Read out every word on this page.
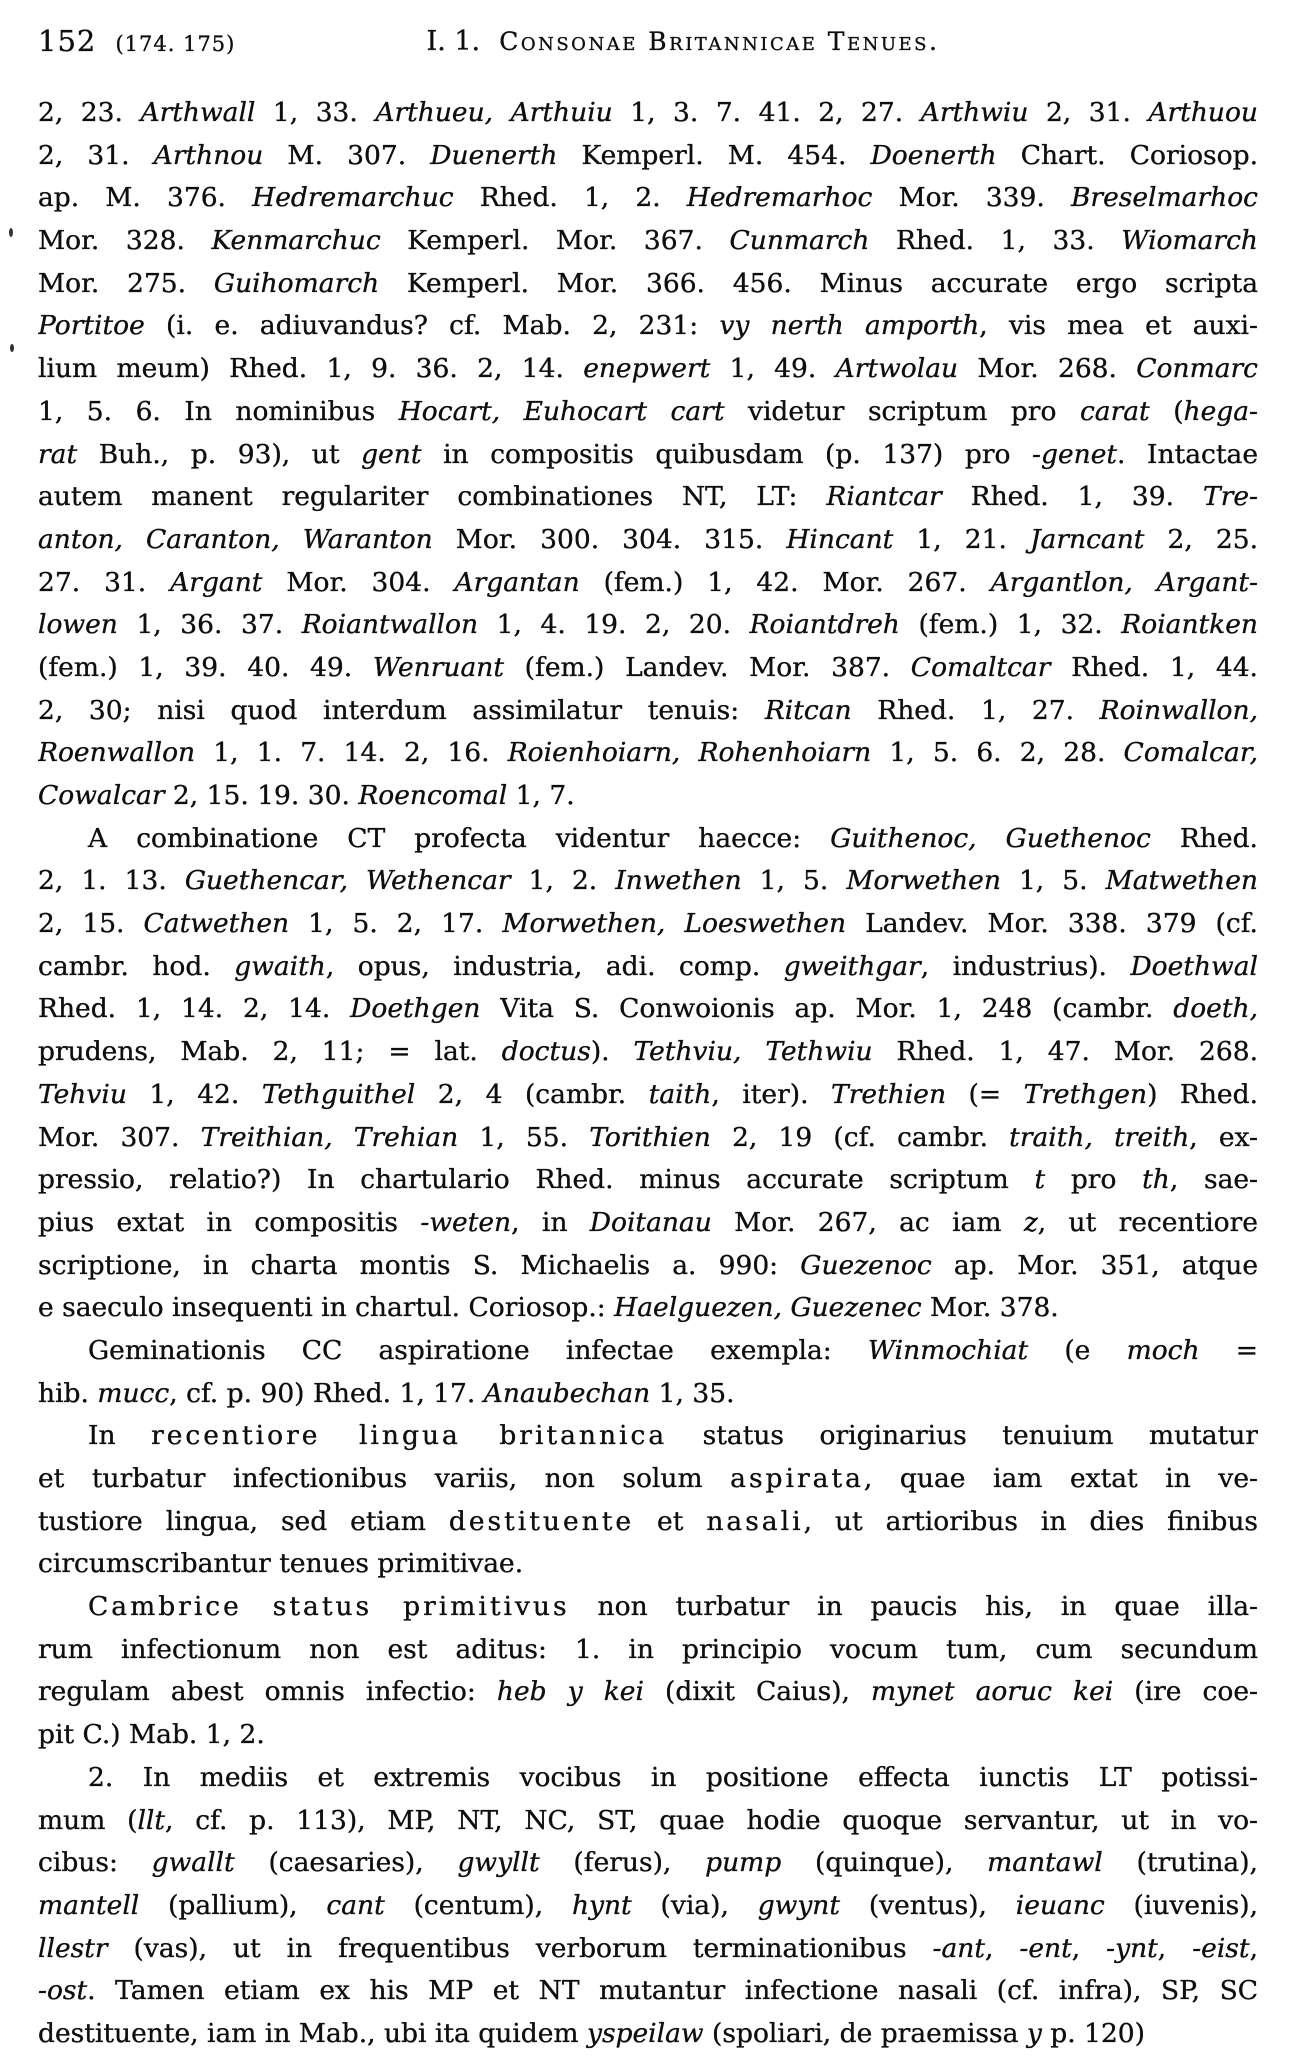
152 (174. 175)	I. 1. Consonae Britannicae Tenues.
2, 23. Arthwall 1, 33. Arthueu, Arthuiu 1, 3. 7. 41. 2, 27. Arthwiu 2, 31. Arthuou
2, 31. Arthnou M. 307. Duenerth Kemperl. M. 454. Doenerth Chart. Coriosop.
ap. M. 376. Hedremarchuc Rhed. 1, 2. Hedremarhoc Mor. 339. Breselmarhoc
Mor. 328. Kenmarchuc Kemperl. Mor. 367. Cunmarch Rhed. 1, 33. Wiomarch
Mor. 275. Guihomarch Kemperl. Mor. 366. 456. Minus accurate ergo scripta
Portitoe (i. e. adiuvandus? cf. Mab. 2, 231: vy nerth amporth, vis mea et auxi-
lium meum) Rhed. 1, 9. 36. 2, 14. enepwert 1, 49. Artwolau Mor. 268. Conmarc
1, 5. 6. In nominibus Hocart, Euhocart cart videtur scriptum pro carat (hega-
rat Buh., p. 93), ut gent in compositis quibusdam (p. 137) pro -genet. Intactae
autem manent regulariter combinationes NT, LT: Riantcar Rhed. 1, 39. Tre-
anton, Caranton, Waranton Mor. 300. 304. 315. Hincant 1, 21. Jarncant 2, 25.
27. 31. Argant Mor. 304. Argantan (fem.) 1, 42. Mor. 267. Argantlon, Argant-
lowen 1, 36. 37. Roiantwallon 1, 4. 19. 2, 20. Roiantdreh (fem.) 1, 32. Roiantken
(fem.) 1, 39. 40. 49. Wenruant (fem.) Landev. Mor. 387. Comaltcar Rhed. 1, 44.
2, 30; nisi quod interdum assimilatur tenuis: Ritcan Rhed. 1, 27. Roinwallon,
Roenwallon 1, 1. 7. 14. 2, 16. Roienhoiarn, Rohenhoiarn 1, 5. 6. 2, 28. Comalcar,
Cowalcar 2, 15. 19. 30. Roencomal 1, 7.
A combinatione CT profecta videntur haecce: Guithenoc, Guethenoc Rhed.
2, 1. 13. Guethencar, Wethencar 1, 2. Inwethen 1, 5. Morwethen 1, 5. Matwethen
2, 15. Catwethen 1, 5. 2, 17. Morwethen, Loeswethen Landev. Mor. 338. 379 (cf.
cambr. hod. gwaith, opus, industria, adi. comp. gweithgar, industrius). Doethwal
Rhed. 1, 14. 2, 14. Doethgen Vita S. Conwoionis ap. Mor. 1, 248 (cambr. doeth,
prudens, Mab. 2, 11; = lat. doctus). Tethviu, Tethwiu Rhed. 1, 47. Mor. 268.
Tehviu 1, 42. Tethguithel 2, 4 (cambr. taith, iter). Trethien (= Trethgen) Rhed.
Mor. 307. Treithian, Trehian 1, 55. Torithien 2, 19 (cf. cambr. traith, treith, ex-
pressio, relatio?) In chartulario Rhed. minus accurate scriptum t pro th, sae-
pius extat in compositis -weten, in Doitanau Mor. 267, ac iam z, ut recentiore
scriptione, in charta montis S. Michaelis a. 990: Guezenoc ap. Mor. 351, atque
e saeculo insequenti in chartul. Coriosop.: Haelguezen, Guezenec Mor. 378.
Geminationis CC aspiratione infectae exempla: Winmochiat (e moch =
hib. mucc, cf. p. 90) Rhed. 1, 17. Anaubechan 1, 35.
In recentiore lingua britannica status originarius tenuium mutatur
et turbatur infectionibus variis, non solum aspirata, quae iam extat in ve-
tustiore lingua, sed etiam destituente et nasali, ut artioribus in dies finibus
circumscribantur tenues primitivae.
Cambrice status primitivus non turbatur in paucis his, in quae illa-
rum infectionum non est aditus: 1. in principio vocum tum, cum secundum
regulam abest omnis infectio: heb y kei (dixit Caius), mynet aoruc kei (ire coe-
pit C.) Mab. 1, 2.
2. In mediis et extremis vocibus in positione effecta iunctis LT potissi-
mum (llt, cf. p. 113), MP, NT, NC, ST, quae hodie quoque servantur, ut in vo-
cibus: gwallt (caesaries), gwyllt (ferus), pump (quinque), mantawl (trutina),
mantell (pallium), cant (centum), hynt (via), gwynt (ventus), ieuanc (iuvenis),
llestr (vas), ut in frequentibus verborum terminationibus -ant, -ent, -ynt, -eist,
-ost. Tamen etiam ex his MP et NT mutantur infectione nasali (cf. infra), SP, SC
destituente, iam in Mab., ubi ita quidem yspeilaw (spoliari, de praemissa y p. 120)
